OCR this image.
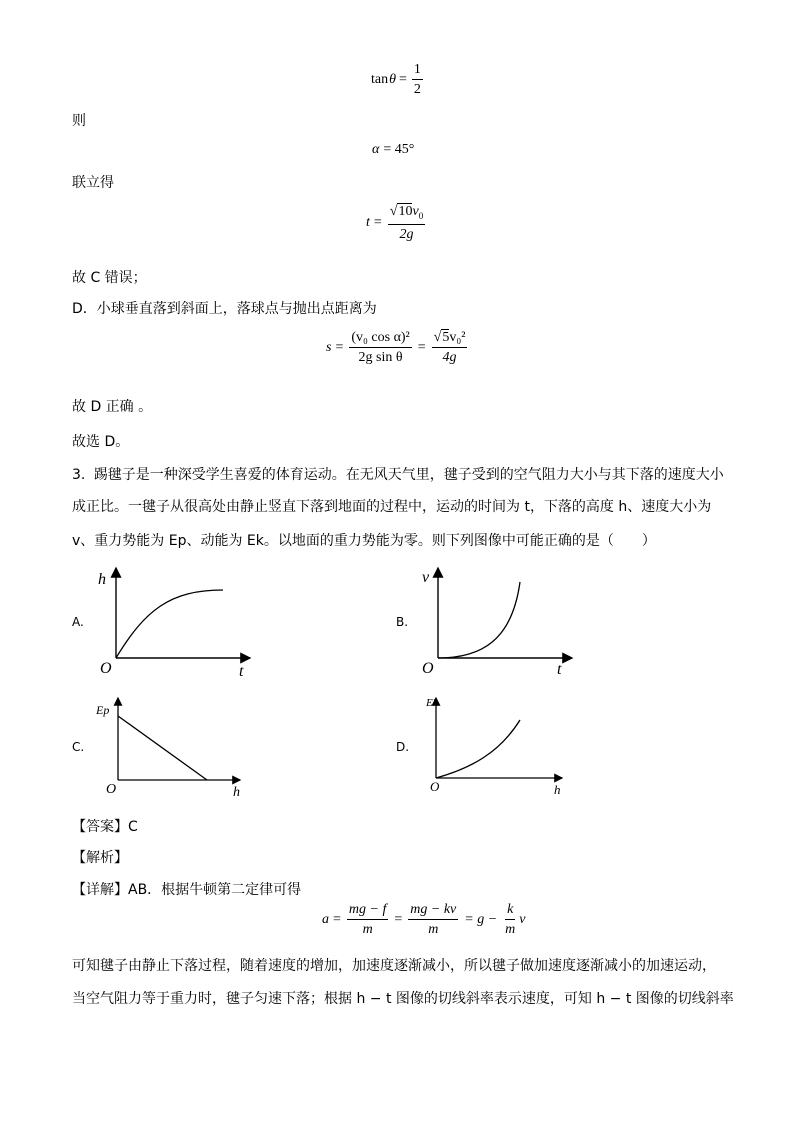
$\tan \theta = \frac{1}{2}$
则
α = 45°
联立得
$t = \frac{√10v_0}{2g}$
故 C 错误；
D．小球垂直落到斜面上，落球点与抛出点距离为
$s = \frac{\text{(v₀ cos α)²}}{\text{2g sin θ}} = \frac{\text{√5v₀²}}{4g}$
故 D 正确 。
故选 D。
3. 踢毽子是一种深受学生喜爱的体育运动。在无风天气里，毽子受到的空气阻力大小与其下落的速度大小
成正比。一毽子从很高处由静止竖直下落到地面的过程中，运动的时间为 t，下落的高度 h、速度大小为
v、重力势能为 Ep、动能为 Ek。以地面的重力势能为零。则下列图像中可能正确的是（　　）
A.	B.
C.	D.
h
O	t
v
O	t
Ep
O	h
Ek
O	h
【答案】C
【解析】
【详解】AB．根据牛顿第二定律可得
$a = \frac{mg - f}{m} = \frac{mg - kv}{m} = g - \frac{k}{m}$ v
可知毽子由静止下落过程，随着速度的增加，加速度逐渐减小，所以毽子做加速度逐渐减小的加速运动，
当空气阻力等于重力时，毽子匀速下落；根据 h − t 图像的切线斜率表示速度，可知 h − t 图像的切线斜率
